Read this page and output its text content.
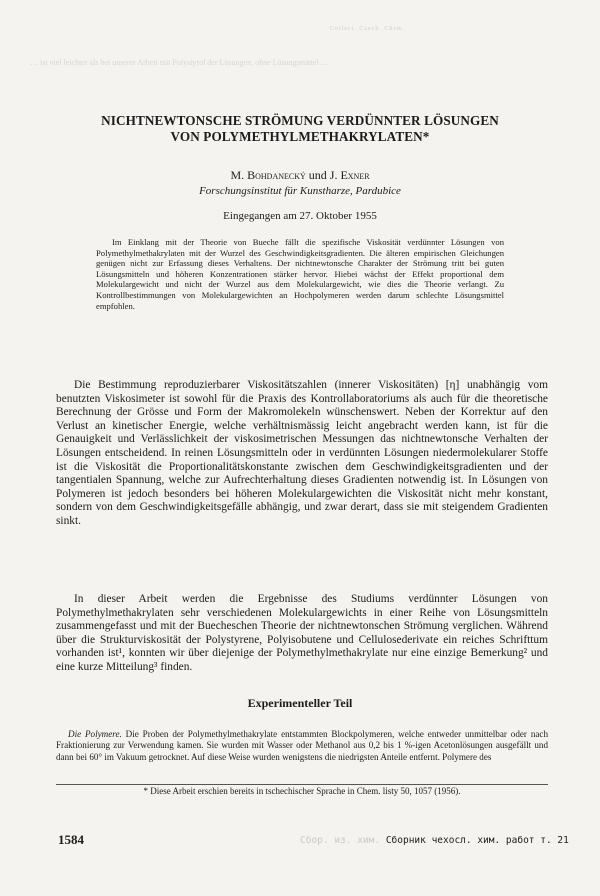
Collect. Czech. Chem.
… ist viel leichter als bei unserer Arbeit mit Polystyrol der Lösungen, ohne Lösungsmittel …
NICHTNEWTONSCHE STRÖMUNG VERDÜNNTER LÖSUNGEN
VON POLYMETHYLMETHAKRYLATEN*
M. Bohdanecký und J. Exner
Forschungsinstitut für Kunstharze, Pardubice
Eingegangen am 27. Oktober 1955

Im Einklang mit der Theorie von Bueche fällt die spezifische Viskosität verdünnter Lösungen von Polymethylmethakrylaten mit der Wurzel des Geschwindigkeitsgradienten. Die älteren empirischen Gleichungen genügen nicht zur Erfassung dieses Verhaltens. Der nichtnewtonsche Charakter der Strömung tritt bei guten Lösungsmitteln und höheren Konzentrationen stärker hervor. Hiebei wächst der Effekt proportional dem Molekulargewicht und nicht der Wurzel aus dem Molekulargewicht, wie dies die Theorie verlangt. Zu Kontrollbestimmungen von Molekulargewichten an Hochpolymeren werden darum schlechte Lösungsmittel empfohlen.

Die Bestimmung reproduzierbarer Viskositätszahlen (innerer Viskositäten) [η] unabhängig vom benutzten Viskosimeter ist sowohl für die Praxis des Kontrollaboratoriums als auch für die theoretische Berechnung der Grösse und Form der Makromolekeln wünschenswert. Neben der Korrektur auf den Verlust an kinetischer Energie, welche verhältnismässig leicht angebracht werden kann, ist für die Genauigkeit und Verlässlichkeit der viskosimetrischen Messungen das nichtnewtonsche Verhalten der Lösungen entscheidend. In reinen Lösungsmitteln oder in verdünnten Lösungen niedermolekularer Stoffe ist die Viskosität die Proportionalitätskonstante zwischen dem Geschwindigkeitsgradienten und der tangentialen Spannung, welche zur Aufrechterhaltung dieses Gradienten notwendig ist. In Lösungen von Polymeren ist jedoch besonders bei höheren Molekulargewichten die Viskosität nicht mehr konstant, sondern von dem Geschwindigkeitsgefälle abhängig, und zwar derart, dass sie mit steigendem Gradienten sinkt.

In dieser Arbeit werden die Ergebnisse des Studiums verdünnter Lösungen von Polymethylmethakrylaten sehr verschiedenen Molekulargewichts in einer Reihe von Lösungsmitteln zusammengefasst und mit der Buecheschen Theorie der nichtnewtonschen Strömung verglichen. Während über die Strukturviskosität der Polystyrene, Polyisobutene und Cellulosederivate ein reiches Schrifttum vorhanden ist¹, konnten wir über diejenige der Polymethylmethakrylate nur eine einzige Bemerkung² und eine kurze Mitteilung³ finden.

Experimenteller Teil

Die Polymere. Die Proben der Polymethylmethakrylate entstammten Blockpolymeren, welche entweder unmittelbar oder nach Fraktionierung zur Verwendung kamen. Sie wurden mit Wasser oder Methanol aus 0,2 bis 1 %-igen Acetonlösungen ausgefällt und dann bei 60° im Vakuum getrocknet. Auf diese Weise wurden wenigstens die niedrigsten Anteile entfernt. Polymere des

* Diese Arbeit erschien bereits in tschechischer Sprache in Chem. listy 50, 1057 (1956).
1584	Сбор. из. хим. Сборник чехосл. хим. работ т. 21
